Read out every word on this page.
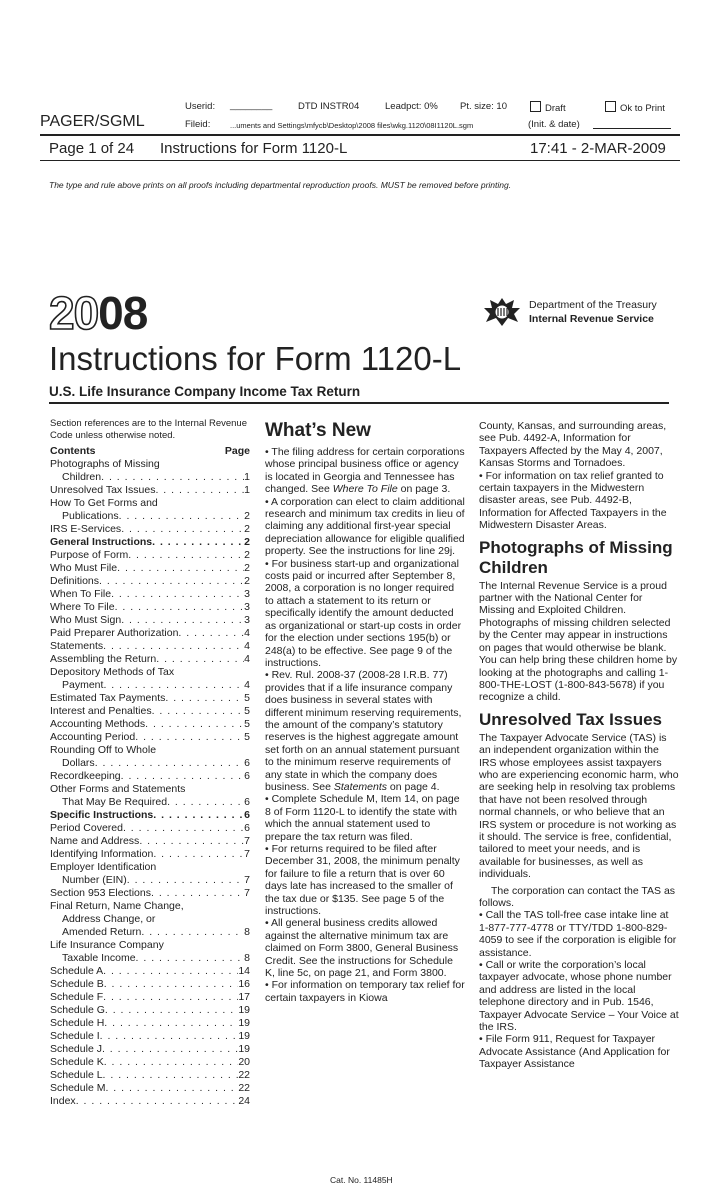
Userid: ________	DTD INSTR04	Leadpct: 0% Pt. size: 10	Draft	Ok to Print
PAGER/SGML	Fileid:	...uments and Settings\mfycb\Desktop\2008 files\wkg.1120\08I1120L.sgm	(Init. & date)
Page 1 of 24 Instructions for Form 1120-L	17:41 - 2-MAR-2009
The type and rule above prints on all proofs including departmental reproduction proofs. MUST be removed before printing.
2008	Department of the Treasury
Internal Revenue Service
Instructions for Form 1120-L
U.S. Life Insurance Company Income Tax Return
Section references are to the Internal Revenue Code unless otherwise noted.
Contents	Page
Photographs of Missing
Children . . .	1
Unresolved Tax Issues . . .	1
How To Get Forms and
Publications . . .	2
IRS E-Services . . .	2
General Instructions . . .	2
Purpose of Form . . .	2
Who Must File . . .	2
Definitions . . .	2
When To File . . .	3
Where To File . . .	3
Who Must Sign . . .	3
Paid Preparer Authorization . . .	4
Statements . . .	4
Assembling the Return . . .	4
Depository Methods of Tax
Payment . . .	4
Estimated Tax Payments . . .	5
Interest and Penalties . . .	5
Accounting Methods . . .	5
Accounting Period . . .	5
Rounding Off to Whole
Dollars . . .	6
Recordkeeping . . .	6
Other Forms and Statements
That May Be Required . . .	6
Specific Instructions . . .	6
Period Covered . . .	6
Name and Address . . .	7
Identifying Information . . .	7
Employer Identification
Number (EIN) . . .	7
Section 953 Elections . . .	7
Final Return, Name Change,
Address Change, or
Amended Return . . .	8
Life Insurance Company
Taxable Income . . .	8
Schedule A . . .	14
Schedule B . . .	16
Schedule F . . .	17
Schedule G . . .	19
Schedule H . . .	19
Schedule I . . .	19
Schedule J . . .	19
Schedule K . . .	20
Schedule L . . .	22
Schedule M . . .	22
Index . . .	24
What’s New

• The filing address for certain corporations whose principal business office or agency is located in Georgia and Tennessee has changed. See Where To File on page 3.

• A corporation can elect to claim additional research and minimum tax credits in lieu of claiming any additional first-year special depreciation allowance for eligible qualified property. See the instructions for line 29j.

• For business start-up and organizational costs paid or incurred after September 8, 2008, a corporation is no longer required to attach a statement to its return or specifically identify the amount deducted as organizational or start-up costs in order for the election under sections 195(b) or 248(a) to be effective. See page 9 of the instructions.

• Rev. Rul. 2008-37 (2008-28 I.R.B. 77) provides that if a life insurance company does business in several states with different minimum reserving requirements, the amount of the company’s statutory reserves is the highest aggregate amount set forth on an annual statement pursuant to the minimum reserve requirements of any state in which the company does business. See Statements on page 4.

• Complete Schedule M, Item 14, on page 8 of Form 1120-L to identify the state with which the annual statement used to prepare the tax return was filed.

• For returns required to be filed after December 31, 2008, the minimum penalty for failure to file a return that is over 60 days late has increased to the smaller of the tax due or $135. See page 5 of the instructions.

• All general business credits allowed against the alternative minimum tax are claimed on Form 3800, General Business Credit. See the instructions for Schedule K, line 5c, on page 21, and Form 3800.

• For information on temporary tax relief for certain taxpayers in Kiowa

County, Kansas, and surrounding areas, see Pub. 4492-A, Information for Taxpayers Affected by the May 4, 2007, Kansas Storms and Tornadoes.

• For information on tax relief granted to certain taxpayers in the Midwestern disaster areas, see Pub. 4492-B, Information for Affected Taxpayers in the Midwestern Disaster Areas.

Photographs of Missing Children

The Internal Revenue Service is a proud partner with the National Center for Missing and Exploited Children. Photographs of missing children selected by the Center may appear in instructions on pages that would otherwise be blank. You can help bring these children home by looking at the photographs and calling 1-800-THE-LOST (1-800-843-5678) if you recognize a child.

Unresolved Tax Issues

The Taxpayer Advocate Service (TAS) is an independent organization within the IRS whose employees assist taxpayers who are experiencing economic harm, who are seeking help in resolving tax problems that have not been resolved through normal channels, or who believe that an IRS system or procedure is not working as it should. The service is free, confidential, tailored to meet your needs, and is available for businesses, as well as individuals.

The corporation can contact the TAS as follows.

• Call the TAS toll-free case intake line at 1-877-777-4778 or TTY/TDD 1-800-829-4059 to see if the corporation is eligible for assistance.

• Call or write the corporation’s local taxpayer advocate, whose phone number and address are listed in the local telephone directory and in Pub. 1546, Taxpayer Advocate Service – Your Voice at the IRS.

• File Form 911, Request for Taxpayer Advocate Assistance (And Application for Taxpayer Assistance

Cat. No. 11485H
